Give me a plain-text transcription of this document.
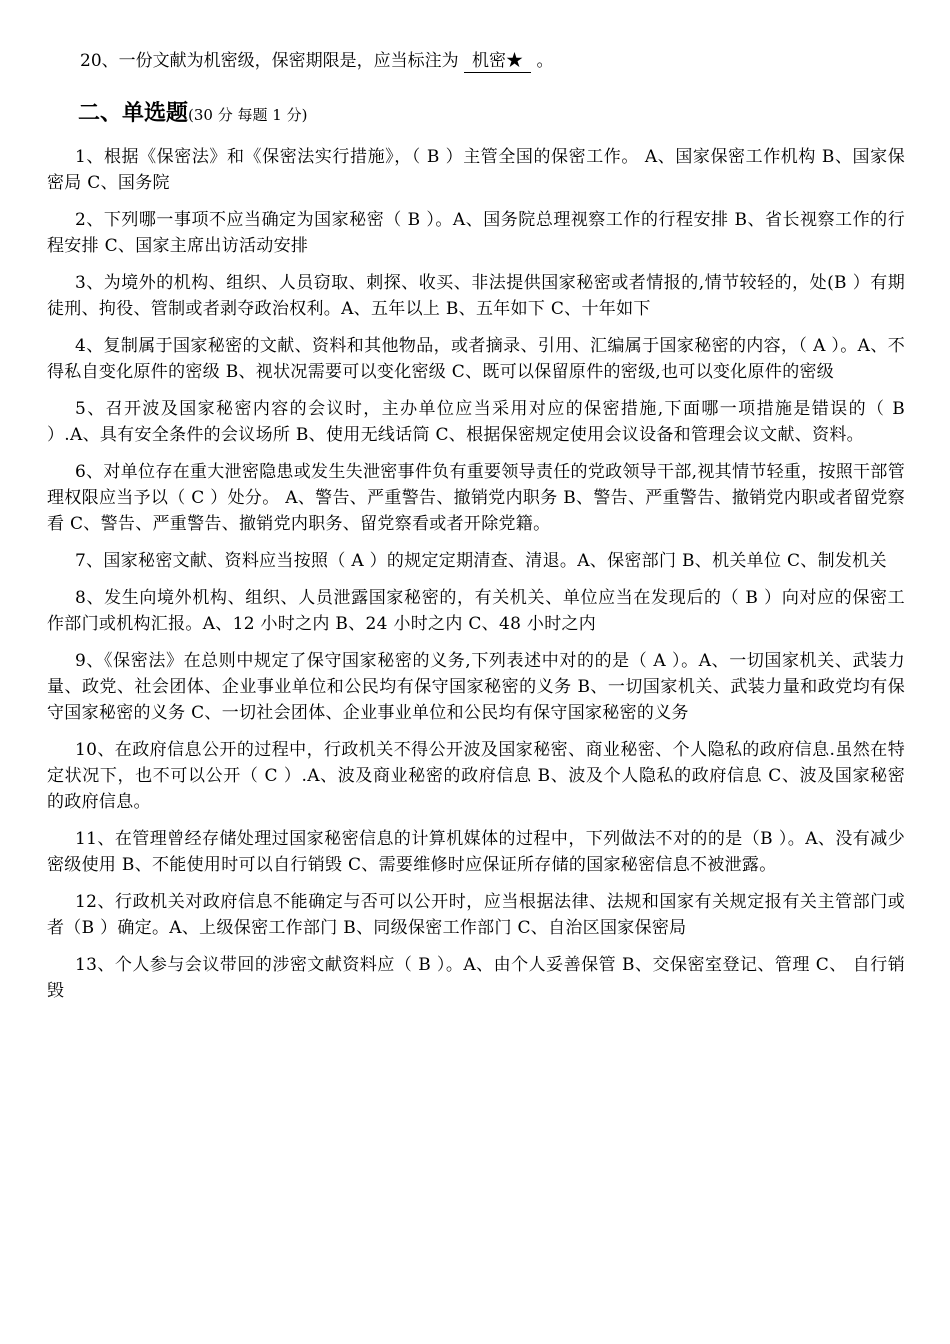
20、一份文献为机密级，保密期限是，应当标注为 机密★ 。
二、单选题(30 分 每题 1 分)

1、根据《保密法》和《保密法实行措施》，（ B ）主管全国的保密工作。 A、国家保密工作机构 B、国家保密局 C、国务院

2、下列哪一事项不应当确定为国家秘密（ B ）。A、国务院总理视察工作的行程安排 B、省长视察工作的行程安排 C、国家主席出访活动安排

3、为境外的机构、组织、人员窃取、刺探、收买、非法提供国家秘密或者情报的,情节较轻的，处(B ）有期徒刑、拘役、管制或者剥夺政治权利。A、五年以上 B、五年如下 C、十年如下

4、复制属于国家秘密的文献、资料和其他物品，或者摘录、引用、汇编属于国家秘密的内容，（ A ）。A、不得私自变化原件的密级 B、视状况需要可以变化密级 C、既可以保留原件的密级,也可以变化原件的密级

5、召开波及国家秘密内容的会议时，主办单位应当采用对应的保密措施,下面哪一项措施是错误的（ B ）.A、具有安全条件的会议场所 B、使用无线话筒 C、根据保密规定使用会议设备和管理会议文献、资料。

6、对单位存在重大泄密隐患或发生失泄密事件负有重要领导责任的党政领导干部,视其情节轻重，按照干部管理权限应当予以（ C ）处分。 A、警告、严重警告、撤销党内职务 B、警告、严重警告、撤销党内职或者留党察看 C、警告、严重警告、撤销党内职务、留党察看或者开除党籍。

7、国家秘密文献、资料应当按照（ A ）的规定定期清查、清退。A、保密部门 B、机关单位 C、制发机关

8、发生向境外机构、组织、人员泄露国家秘密的，有关机关、单位应当在发现后的（ B ）向对应的保密工作部门或机构汇报。A、12 小时之内 B、24 小时之内 C、48 小时之内

9、《保密法》在总则中规定了保守国家秘密的义务,下列表述中对的的是（ A ）。A、一切国家机关、武装力量、政党、社会团体、企业事业单位和公民均有保守国家秘密的义务 B、一切国家机关、武装力量和政党均有保守国家秘密的义务 C、一切社会团体、企业事业单位和公民均有保守国家秘密的义务

10、在政府信息公开的过程中，行政机关不得公开波及国家秘密、商业秘密、个人隐私的政府信息.虽然在特定状况下，也不可以公开（ C ）.A、波及商业秘密的政府信息 B、波及个人隐私的政府信息 C、波及国家秘密的政府信息。

11、在管理曾经存储处理过国家秘密信息的计算机媒体的过程中，下列做法不对的的是（B ）。A、没有减少密级使用 B、不能使用时可以自行销毁 C、需要维修时应保证所存储的国家秘密信息不被泄露。

12、行政机关对政府信息不能确定与否可以公开时，应当根据法律、法规和国家有关规定报有关主管部门或者（B ）确定。A、上级保密工作部门 B、同级保密工作部门 C、自治区国家保密局

13、个人参与会议带回的涉密文献资料应（ B ）。A、由个人妥善保管 B、交保密室登记、管理 C、 自行销毁
